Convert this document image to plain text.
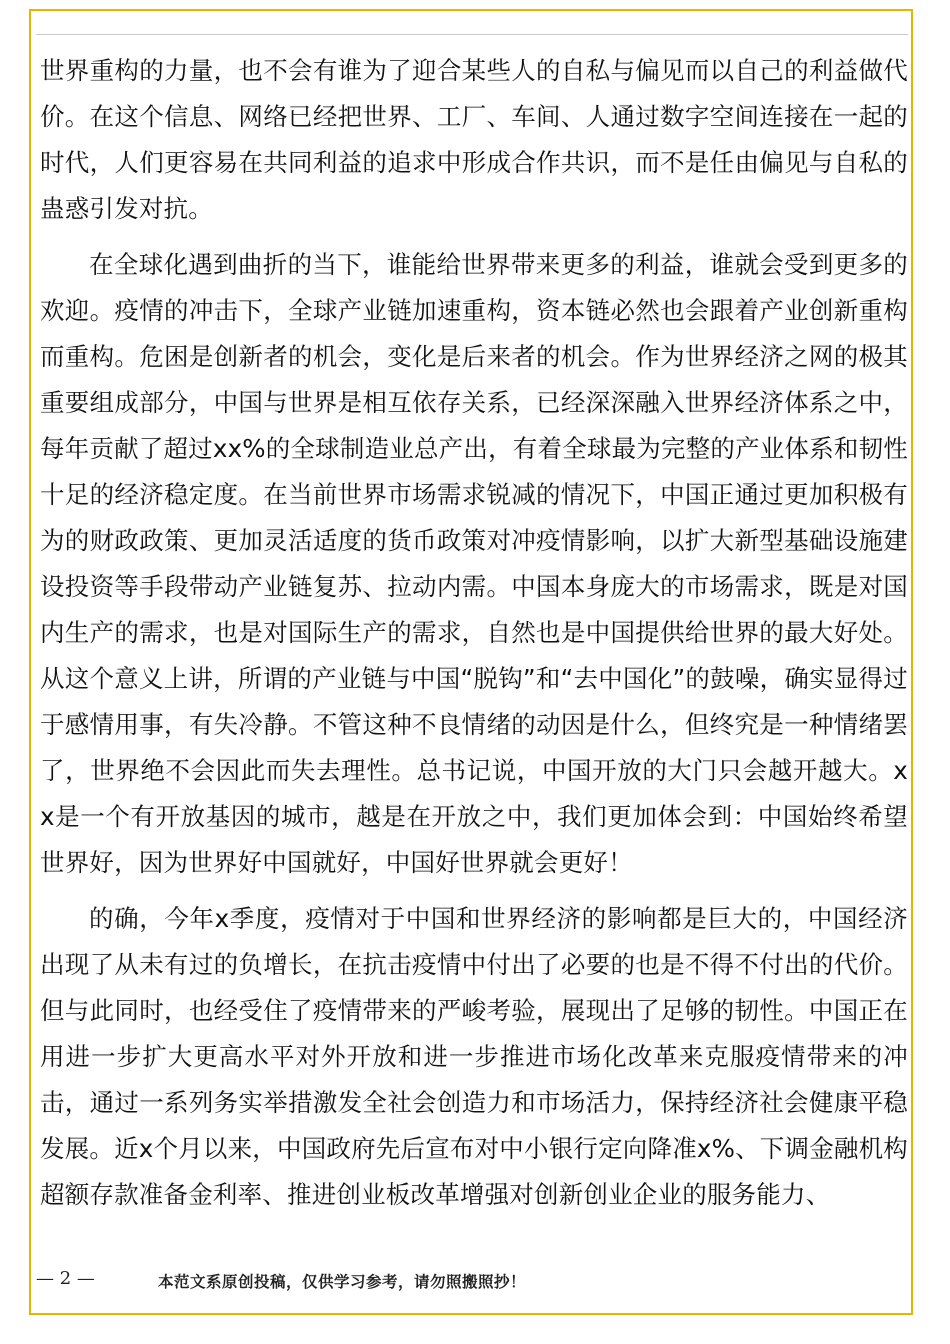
世界重构的力量，也不会有谁为了迎合某些人的自私与偏见而以自己的利益做代价。在这个信息、网络已经把世界、工厂、车间、人通过数字空间连接在一起的时代，人们更容易在共同利益的追求中形成合作共识，而不是任由偏见与自私的蛊惑引发对抗。

在全球化遇到曲折的当下，谁能给世界带来更多的利益，谁就会受到更多的欢迎。疫情的冲击下，全球产业链加速重构，资本链必然也会跟着产业创新重构而重构。危困是创新者的机会，变化是后来者的机会。作为世界经济之网的极其重要组成部分，中国与世界是相互依存关系，已经深深融入世界经济体系之中，每年贡献了超过xx%的全球制造业总产出，有着全球最为完整的产业体系和韧性十足的经济稳定度。在当前世界市场需求锐减的情况下，中国正通过更加积极有为的财政政策、更加灵活适度的货币政策对冲疫情影响，以扩大新型基础设施建设投资等手段带动产业链复苏、拉动内需。中国本身庞大的市场需求，既是对国内生产的需求，也是对国际生产的需求，自然也是中国提供给世界的最大好处。从这个意义上讲，所谓的产业链与中国“脱钩”和“去中国化”的鼓噪，确实显得过于感情用事，有失冷静。不管这种不良情绪的动因是什么，但终究是一种情绪罢了，世界绝不会因此而失去理性。总书记说，中国开放的大门只会越开越大。xx是一个有开放基因的城市，越是在开放之中，我们更加体会到：中国始终希望世界好，因为世界好中国就好，中国好世界就会更好！

的确，今年x季度，疫情对于中国和世界经济的影响都是巨大的，中国经济出现了从未有过的负增长，在抗击疫情中付出了必要的也是不得不付出的代价。但与此同时，也经受住了疫情带来的严峻考验，展现出了足够的韧性。中国正在用进一步扩大更高水平对外开放和进一步推进市场化改革来克服疫情带来的冲击，通过一系列务实举措激发全社会创造力和市场活力，保持经济社会健康平稳发展。近x个月以来，中国政府先后宣布对中小银行定向降准x%、下调金融机构超额存款准备金利率、推进创业板改革增强对创新创业企业的服务能力、

— 2 —	本范文系原创投稿，仅供学习参考，请勿照搬照抄！
